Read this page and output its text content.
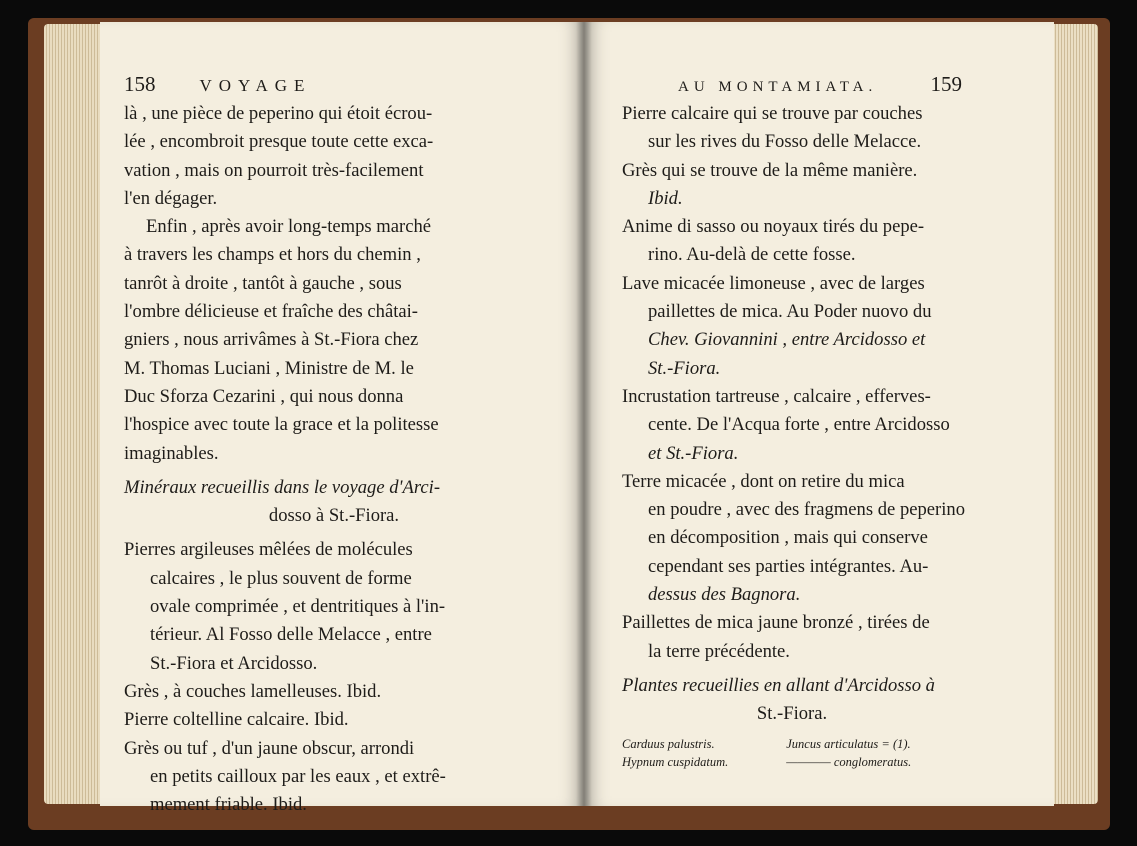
158	VOYAGE
là , une pièce de peperino qui étoit écrou-
lée , encombroit presque toute cette exca-
vation , mais on pourroit très-facilement
l'en dégager.
Enfin , après avoir long-temps marché
à travers les champs et hors du chemin ,
tanrôt à droite , tantôt à gauche , sous
l'ombre délicieuse et fraîche des châtai-
gniers , nous arrivâmes à St.-Fiora chez
M. Thomas Luciani , Ministre de M. le
Duc Sforza Cezarini , qui nous donna
l'hospice avec toute la grace et la politesse
imaginables.
Minéraux recueillis dans le voyage d'Arci-
dosso à St.-Fiora.
Pierres argileuses mêlées de molécules
calcaires , le plus souvent de forme
ovale comprimée , et dentritiques à l'in-
térieur. Al Fosso delle Melacce , entre
St.-Fiora et Arcidosso.
Grès , à couches lamelleuses. Ibid.
Pierre coltelline calcaire. Ibid.
Grès ou tuf , d'un jaune obscur, arrondi
en petits cailloux par les eaux , et extrê-
mement friable. Ibid.
AU MONTAMIATA.	159
Pierre calcaire qui se trouve par couches
sur les rives du Fosso delle Melacce.
Grès qui se trouve de la même manière.
Ibid.
Anime di sasso ou noyaux tirés du pepe-
rino. Au-delà de cette fosse.
Lave micacée limoneuse , avec de larges
paillettes de mica. Au Poder nuovo du
Chev. Giovannini , entre Arcidosso et
St.-Fiora.
Incrustation tartreuse , calcaire , efferves-
cente. De l'Acqua forte , entre Arcidosso
et St.-Fiora.
Terre micacée , dont on retire du mica
en poudre , avec des fragmens de peperino
en décomposition , mais qui conserve
cependant ses parties intégrantes. Au-
dessus des Bagnora.
Paillettes de mica jaune bronzé , tirées de
la terre précédente.
Plantes recueillies en allant d'Arcidosso à
St.-Fiora.
Carduus palustris.
Hypnum cuspidatum.
Juncus articulatus = (1).
———— conglomeratus.
